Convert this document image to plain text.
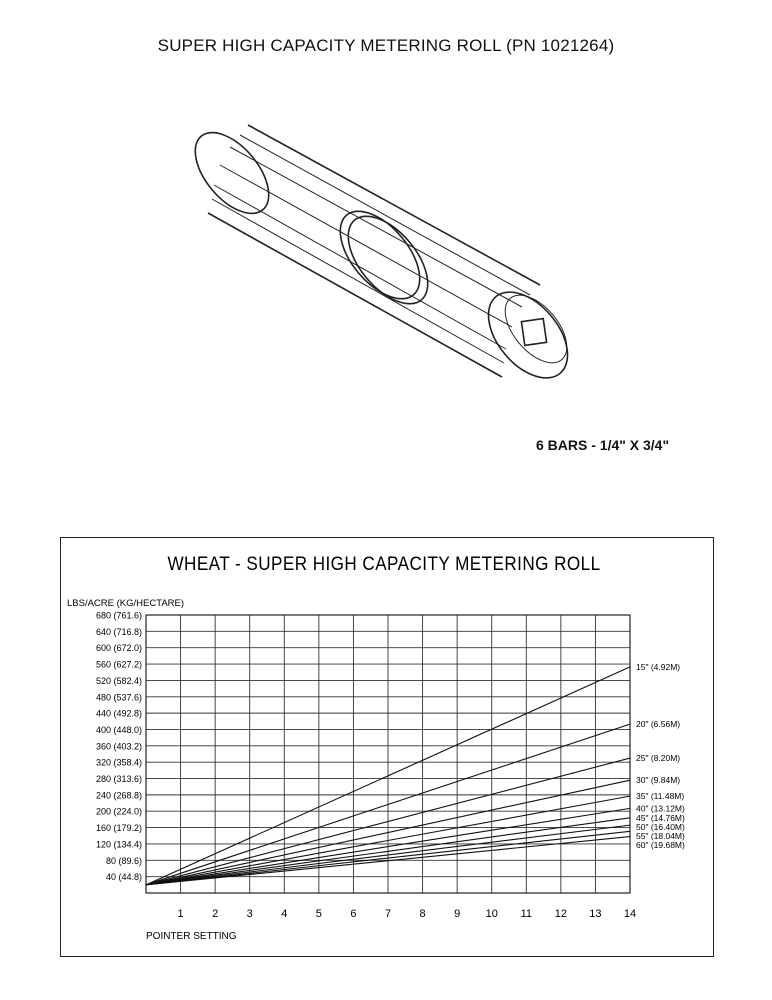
SUPER HIGH CAPACITY METERING ROLL (PN 1021264)
6 BARS - 1/4" X 3/4"
WHEAT - SUPER HIGH CAPACITY METERING ROLL
LBS/ACRE (KG/HECTARE)
40 (44.8)
80 (89.6)
120 (134.4)
160 (179.2)
200 (224.0)
240 (268.8)
280 (313.6)
320 (358.4)
360 (403.2)
400 (448.0)
440 (492.8)
480 (537.6)
520 (582.4)
560 (627.2)
600 (672.0)
640 (716.8)
680 (761.6)
1	2	3	4	5	6	7	8	9 10 11 12 13 14
15" (4.92M)
20" (6.56M)
25" (8.20M)
30" (9.84M)
35" (11.48M)
40" (13.12M)
45" (14.76M)
50" (16.40M)
55" (18.04M)
60" (19.68M)
POINTER SETTING
